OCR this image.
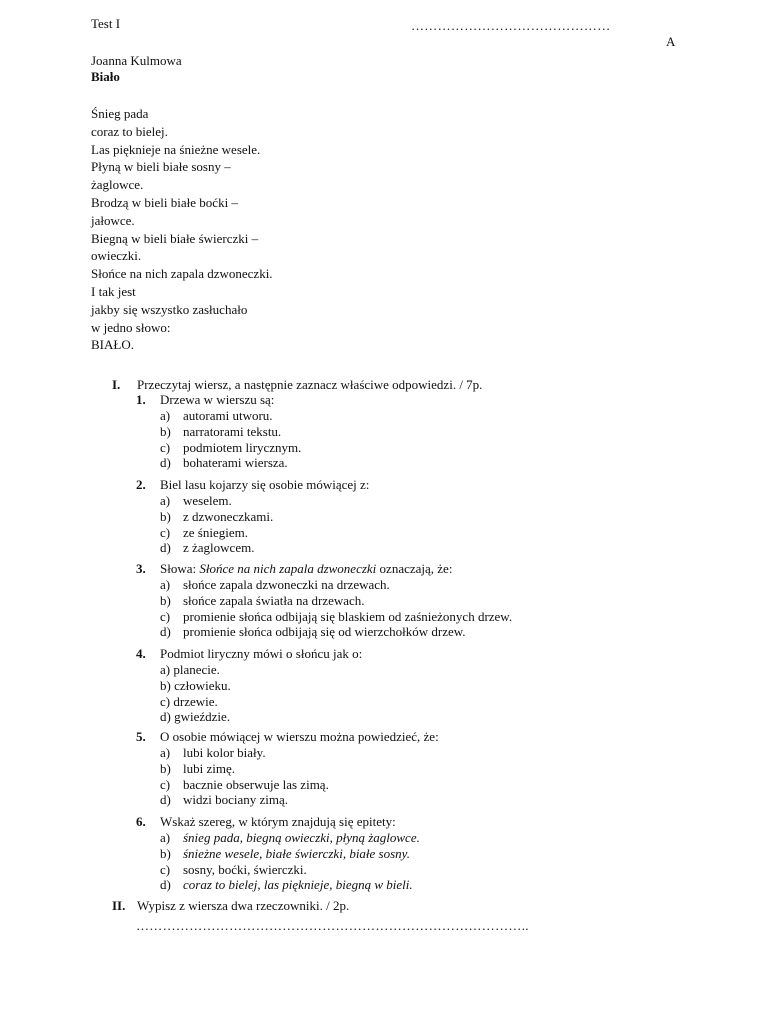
Test I	………………………………………
A
Joanna Kulmowa
Biało
Śnieg pada
coraz to bielej.
Las pięknieje na śnieżne wesele.
Płyną w bieli białe sosny –
żaglowce.
Brodzą w bieli białe boćki –
jałowce.
Biegną w bieli białe świerczki –
owieczki.
Słońce na nich zapala dzwoneczki.
I tak jest
jakby się wszystko zasłuchało
w jedno słowo:
BIAŁO.
I. Przeczytaj wiersz, a następnie zaznacz właściwe odpowiedzi. / 7p.
1. Drzewa w wierszu są:
a) autorami utworu.
b) narratorami tekstu.
c) podmiotem lirycznym.
d) bohaterami wiersza.
2. Biel lasu kojarzy się osobie mówiącej z:
a) weselem.
b) z dzwoneczkami.
c) ze śniegiem.
d) z żaglowcem.
3. Słowa: Słońce na nich zapala dzwoneczki oznaczają, że:
a) słońce zapala dzwoneczki na drzewach.
b) słońce zapala światła na drzewach.
c) promienie słońca odbijają się blaskiem od zaśnieżonych drzew.
d) promienie słońca odbijają się od wierzchołków drzew.
4. Podmiot liryczny mówi o słońcu jak o:
a) planecie.
b) człowieku.
c) drzewie.
d) gwieździe.
5. O osobie mówiącej w wierszu można powiedzieć, że:
a) lubi kolor biały.
b) lubi zimę.
c) bacznie obserwuje las zimą.
d) widzi bociany zimą.
6. Wskaż szereg, w którym znajdują się epitety:
a) śnieg pada, biegną owieczki, płyną żaglowce.
b) śnieżne wesele, białe świerczki, białe sosny.
c) sosny, boćki, świerczki.
d) coraz to bielej, las pięknieje, biegną w bieli.
II. Wypisz z wiersza dwa rzeczowniki. / 2p.
……………………………………………………………………………..
